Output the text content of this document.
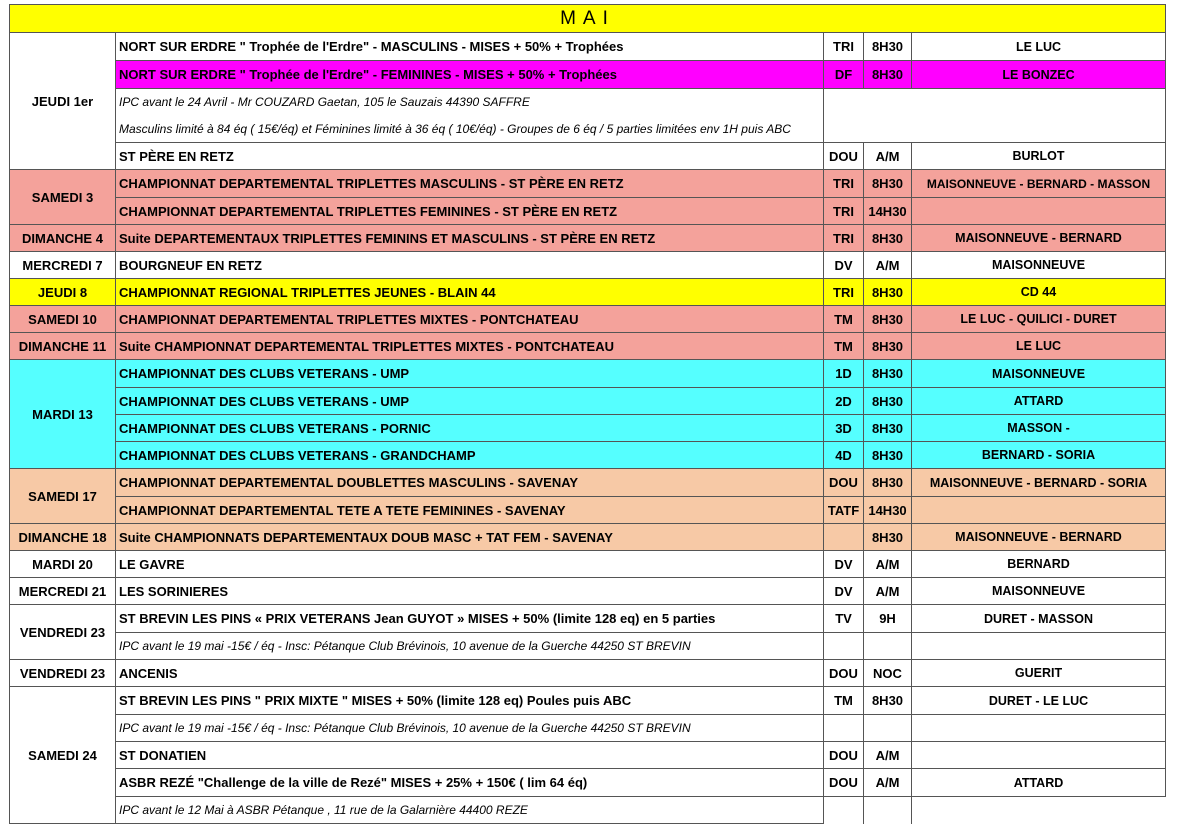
MAI				
JEUDI 1er	NORT SUR ERDRE " Trophée de l'Erdre" - MASCULINS - MISES + 50% + Trophées	TRI	8H30	LE LUC
	NORT SUR ERDRE " Trophée de l'Erdre" - FEMININES - MISES + 50% + Trophées	DF	8H30	LE BONZEC
	IPC avant le 24 Avril - Mr COUZARD Gaetan, 105 le Sauzais 44390 SAFFRE			
	Masculins limité à 84 éq ( 15€/éq) et Féminines limité à 36 éq ( 10€/éq) - Groupes de 6 éq / 5 parties limitées env 1H puis ABC			
	ST PÈRE EN RETZ	DOU	A/M	BURLOT
SAMEDI 3	CHAMPIONNAT DEPARTEMENTAL TRIPLETTES MASCULINS - ST PÈRE EN RETZ	TRI	8H30	MAISONNEUVE - BERNARD - MASSON
	CHAMPIONNAT DEPARTEMENTAL TRIPLETTES FEMININES - ST PÈRE EN RETZ	TRI	14H30	
DIMANCHE 4	Suite DEPARTEMENTAUX TRIPLETTES FEMININS ET MASCULINS - ST PÈRE EN RETZ	TRI	8H30	MAISONNEUVE - BERNARD
MERCREDI 7	BOURGNEUF EN RETZ	DV	A/M	MAISONNEUVE
JEUDI 8	CHAMPIONNAT REGIONAL TRIPLETTES JEUNES - BLAIN 44	TRI	8H30	CD 44
SAMEDI 10	CHAMPIONNAT DEPARTEMENTAL TRIPLETTES MIXTES - PONTCHATEAU	TM	8H30	LE LUC - QUILICI - DURET
DIMANCHE 11	Suite CHAMPIONNAT DEPARTEMENTAL TRIPLETTES MIXTES - PONTCHATEAU	TM	8H30	LE LUC
MARDI 13	CHAMPIONNAT DES CLUBS VETERANS - UMP	1D	8H30	MAISONNEUVE
	CHAMPIONNAT DES CLUBS VETERANS - UMP	2D	8H30	ATTARD
	CHAMPIONNAT DES CLUBS VETERANS - PORNIC	3D	8H30	MASSON -
	CHAMPIONNAT DES CLUBS VETERANS - GRANDCHAMP	4D	8H30	BERNARD - SORIA
SAMEDI 17	CHAMPIONNAT DEPARTEMENTAL DOUBLETTES MASCULINS - SAVENAY	DOU	8H30	MAISONNEUVE - BERNARD - SORIA
	CHAMPIONNAT DEPARTEMENTAL TETE A TETE FEMININES - SAVENAY	TATF	14H30	
DIMANCHE 18	Suite CHAMPIONNATS DEPARTEMENTAUX DOUB MASC + TAT FEM - SAVENAY		8H30	MAISONNEUVE - BERNARD
MARDI 20	LE GAVRE	DV	A/M	BERNARD
MERCREDI 21	LES SORINIERES	DV	A/M	MAISONNEUVE
VENDREDI 23	ST BREVIN LES PINS « PRIX VETERANS Jean GUYOT » MISES + 50% (limite 128 eq) en 5 parties	TV	9H	DURET - MASSON
	IPC avant le 19 mai -15€ / éq - Insc: Pétanque Club Brévinois, 10 avenue de la Guerche 44250 ST BREVIN			
VENDREDI 23	ANCENIS	DOU	NOC	GUERIT
SAMEDI 24	ST BREVIN LES PINS " PRIX MIXTE " MISES + 50% (limite 128 eq) Poules puis ABC	TM	8H30	DURET - LE LUC
	IPC avant le 19 mai -15€ / éq - Insc: Pétanque Club Brévinois, 10 avenue de la Guerche 44250 ST BREVIN			
	ST DONATIEN	DOU	A/M	
	ASBR REZÉ "Challenge de la ville de Rezé" MISES + 25% + 150€ ( lim 64 éq)	DOU	A/M	ATTARD
	IPC avant le 12 Mai à ASBR Pétanque , 11 rue de la Galarnière 44400 REZE			
